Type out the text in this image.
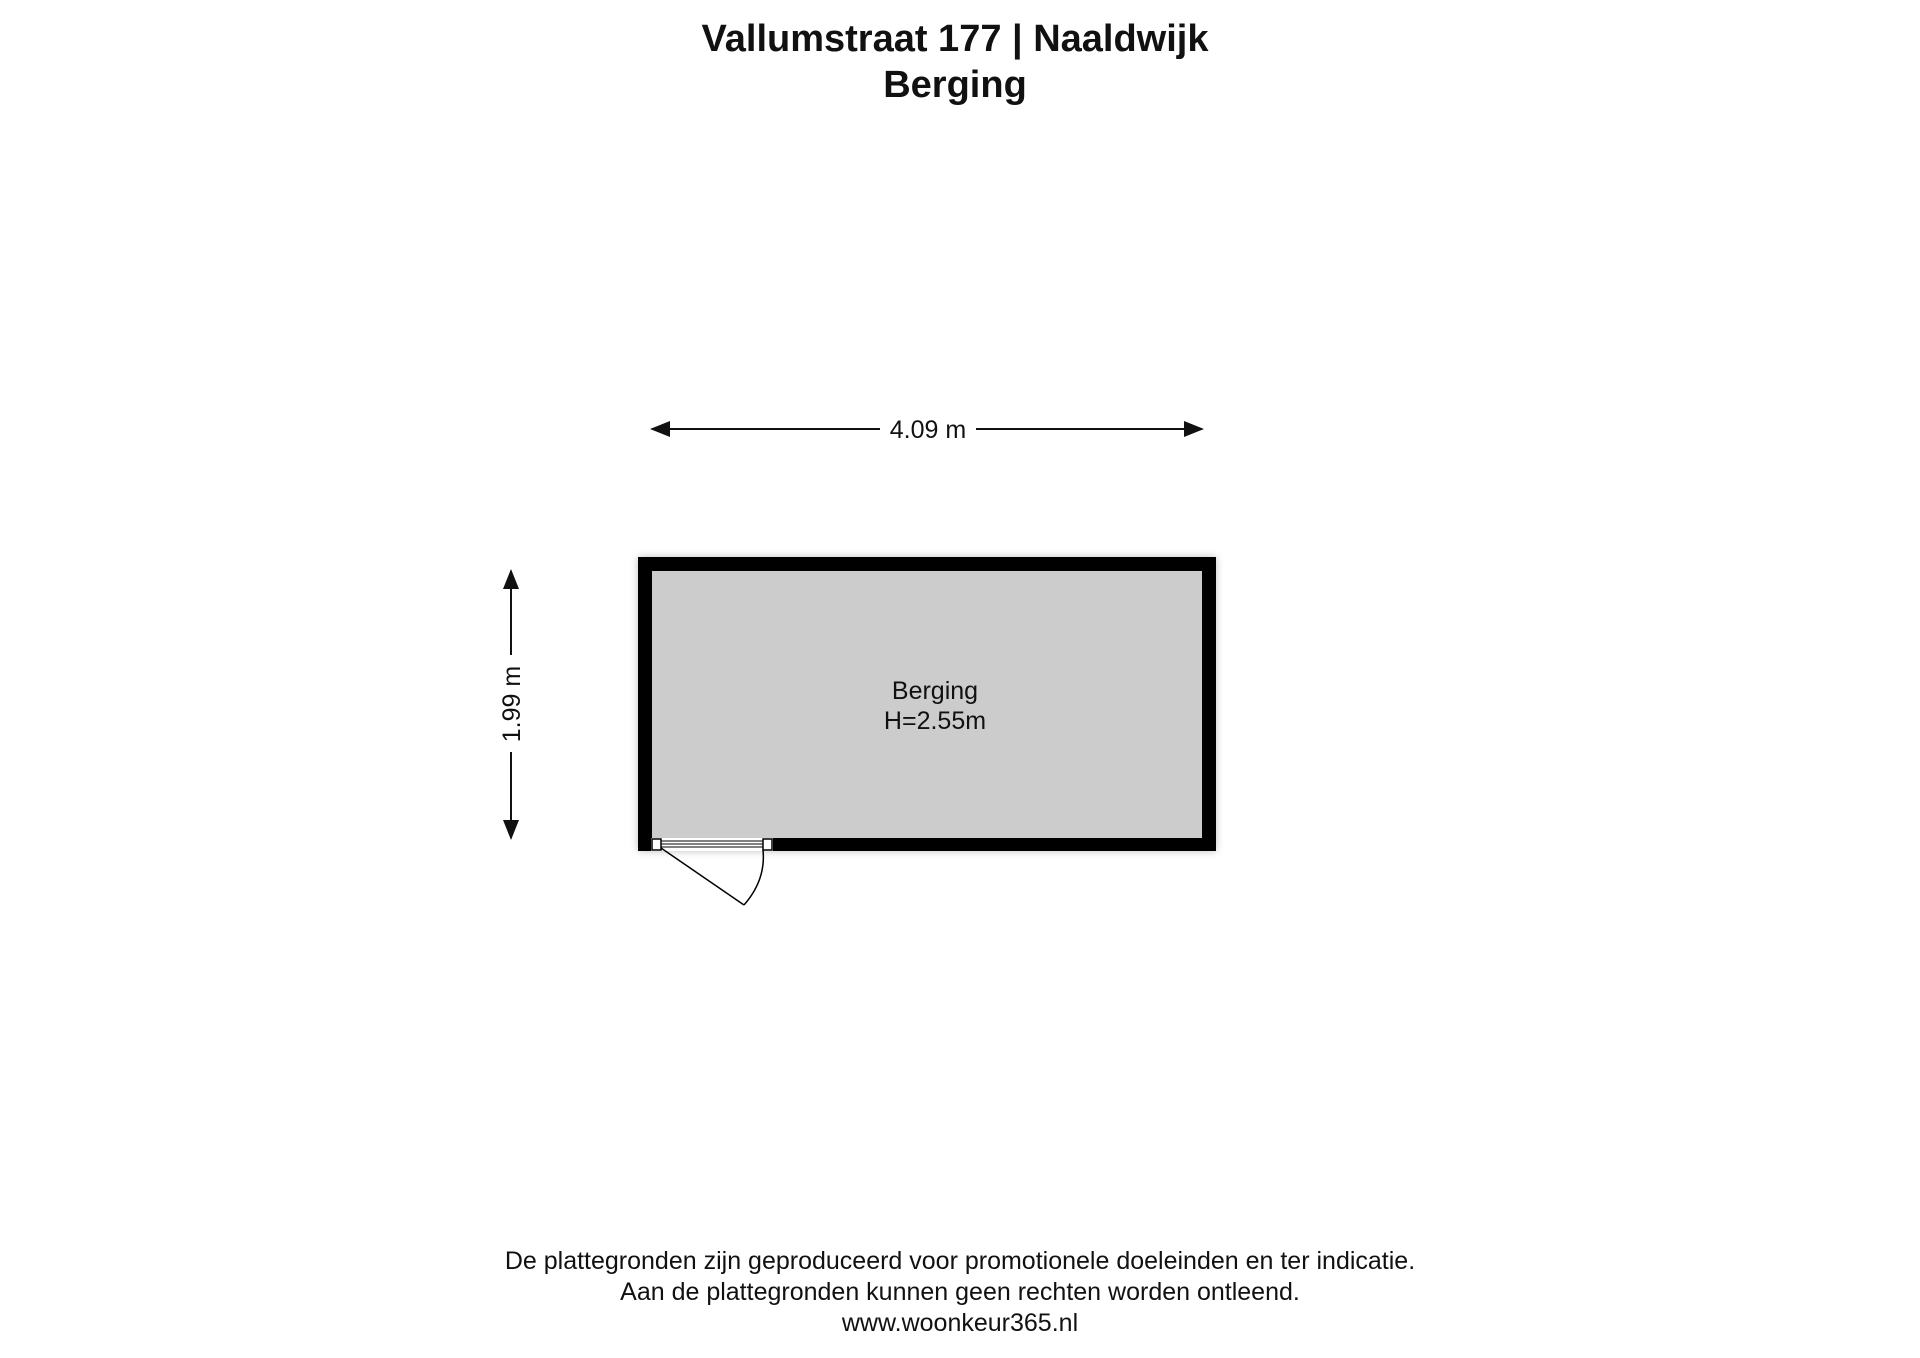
Vallumstraat 177 | Naaldwijk
Berging
4.09 m
1.99 m	Berging
H=2.55m
De plattegronden zijn geproduceerd voor promotionele doeleinden en ter indicatie.
Aan de plattegronden kunnen geen rechten worden ontleend.
www.woonkeur365.nl
